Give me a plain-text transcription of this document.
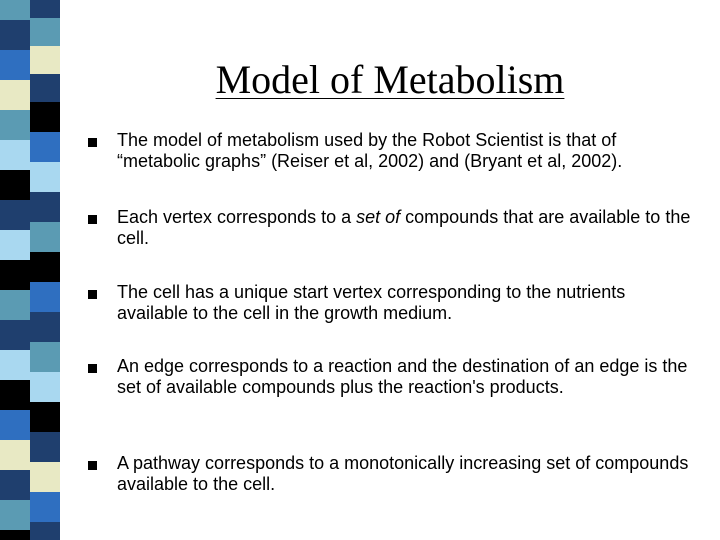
Model of Metabolism
The model of metabolism used by the Robot Scientist is that of “metabolic graphs” (Reiser et al, 2002) and (Bryant et al, 2002).
Each vertex corresponds to a set of compounds that are available to the cell.
The cell has a unique start vertex corresponding to the nutrients available to the cell in the growth medium.
An edge corresponds to a reaction and the destination of an edge is the set of available compounds plus the reaction's products.
A pathway corresponds to a monotonically increasing set of compounds available to the cell.
